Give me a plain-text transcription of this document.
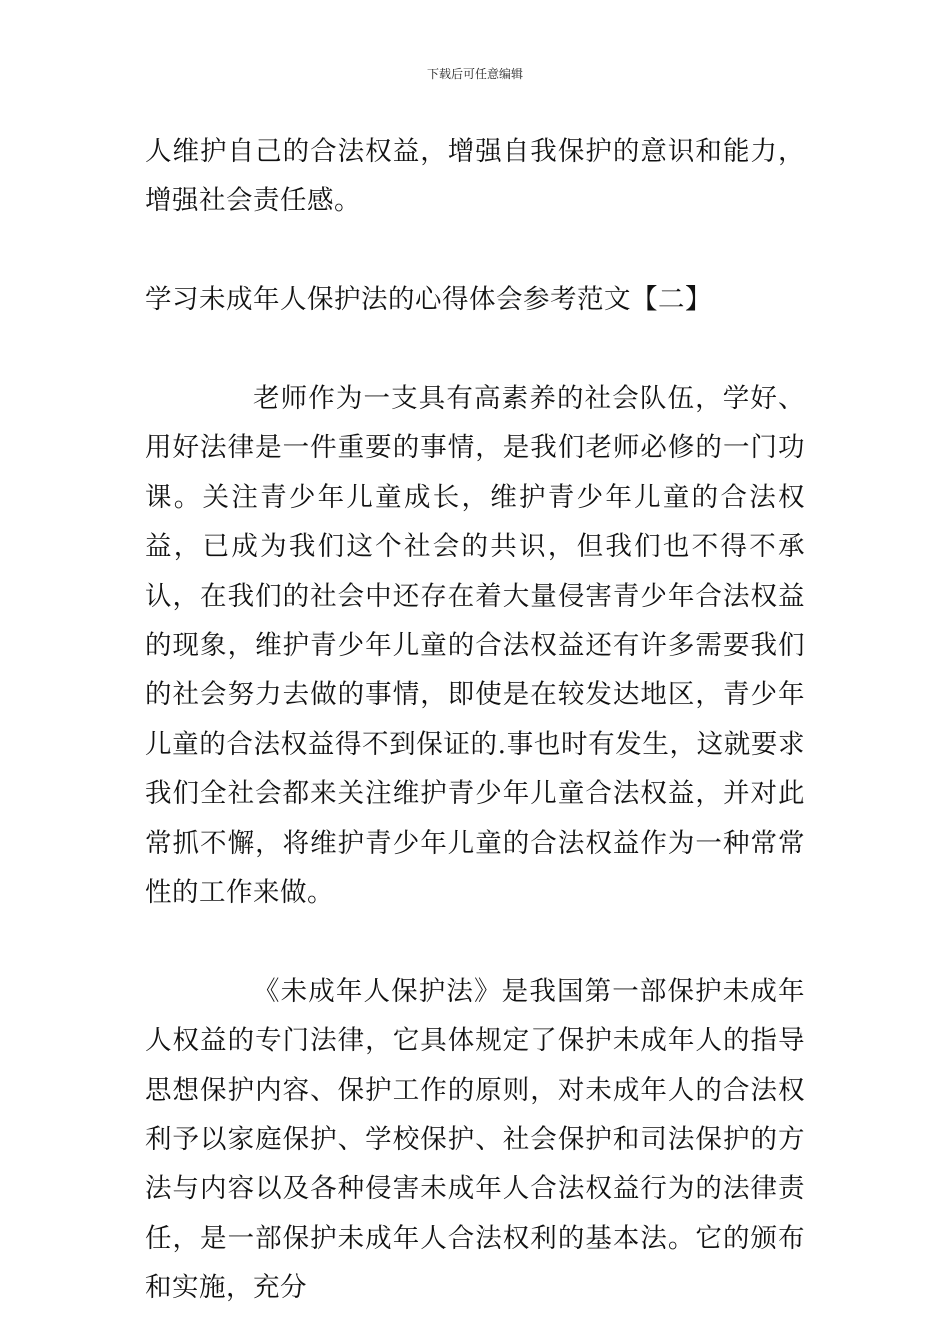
下载后可任意编辑

人维护自己的合法权益，增强自我保护的意识和能力，增强社会责任感。

学习未成年人保护法的心得体会参考范文【二】

老师作为一支具有高素养的社会队伍，学好、用好法律是一件重要的事情，是我们老师必修的一门功课。关注青少年儿童成长，维护青少年儿童的合法权益，已成为我们这个社会的共识，但我们也不得不承认，在我们的社会中还存在着大量侵害青少年合法权益的现象，维护青少年儿童的合法权益还有许多需要我们的社会努力去做的事情，即使是在较发达地区，青少年儿童的合法权益得不到保证的.事也时有发生，这就要求我们全社会都来关注维护青少年儿童合法权益，并对此常抓不懈，将维护青少年儿童的合法权益作为一种常常性的工作来做。

《未成年人保护法》是我国第一部保护未成年人权益的专门法律，它具体规定了保护未成年人的指导思想保护内容、保护工作的原则，对未成年人的合法权利予以家庭保护、学校保护、社会保护和司法保护的方法与内容以及各种侵害未成年人合法权益行为的法律责任，是一部保护未成年人合法权利的基本法。它的颁布和实施，充分
